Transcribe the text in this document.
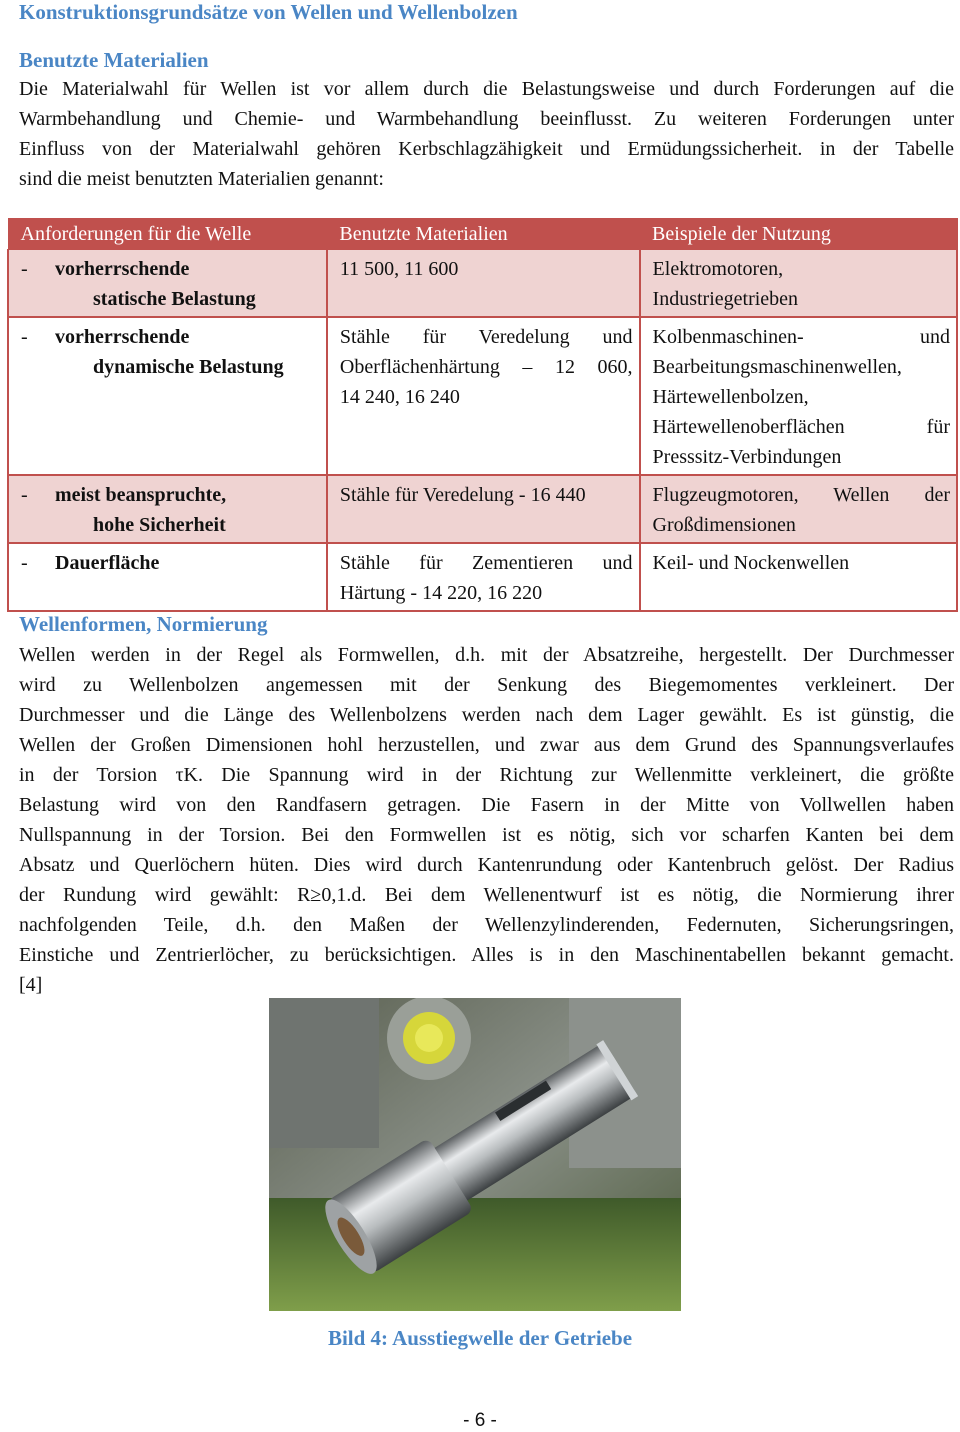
Konstruktionsgrundsätze von Wellen und Wellenbolzen
Benutzte Materialien
Die Materialwahl für Wellen ist vor allem durch die Belastungsweise und durch Forderungen auf die
Warmbehandlung und Chemie- und Warmbehandlung beeinflusst. Zu weiteren Forderungen unter
Einfluss von der Materialwahl gehören Kerbschlagzähigkeit und Ermüdungssicherheit. in der Tabelle
sind die meist benutzten Materialien genannt:
Anforderungen für die Welle	Benutzte Materialien	Beispiele der Nutzung

- vorherrschende
statische Belastung	11 500, 11 600	Elektromotoren,
Industriegetrieben

- vorherrschende
dynamische Belastung	Stähle für Veredelung und
Oberflächenhärtung – 12 060,
14 240, 16 240	Kolbenmaschinen- und
Bearbeitungsmaschinenwellen,
Härtewellenbolzen,
Härtewellenoberflächen für
Presssitz-Verbindungen

- meist beanspruchte,
hohe Sicherheit	Stähle für Veredelung - 16 440	Flugzeugmotoren, Wellen der
Großdimensionen

- Dauerfläche	Stähle für Zementieren und
Härtung - 14 220, 16 220	Keil- und Nockenwellen
Wellenformen, Normierung
Wellen werden in der Regel als Formwellen, d.h. mit der Absatzreihe, hergestellt. Der Durchmesser
wird zu Wellenbolzen angemessen mit der Senkung des Biegemomentes verkleinert. Der
Durchmesser und die Länge des Wellenbolzens werden nach dem Lager gewählt. Es ist günstig, die
Wellen der Großen Dimensionen hohl herzustellen, und zwar aus dem Grund des Spannungsverlaufes
in der Torsion τK. Die Spannung wird in der Richtung zur Wellenmitte verkleinert, die größte
Belastung wird von den Randfasern getragen. Die Fasern in der Mitte von Vollwellen haben
Nullspannung in der Torsion. Bei den Formwellen ist es nötig, sich vor scharfen Kanten bei dem
Absatz und Querlöchern hüten. Dies wird durch Kantenrundung oder Kantenbruch gelöst. Der Radius
der Rundung wird gewählt: R≥0,1.d. Bei dem Wellenentwurf ist es nötig, die Normierung ihrer
nachfolgenden Teile, d.h. den Maßen der Wellenzylinderenden, Federnuten, Sicherungsringen,
Einstiche und Zentrierlöcher, zu berücksichtigen. Alles is in den Maschinentabellen bekannt gemacht.
[4]
Bild 4: Ausstiegwelle der Getriebe
- 6 -
